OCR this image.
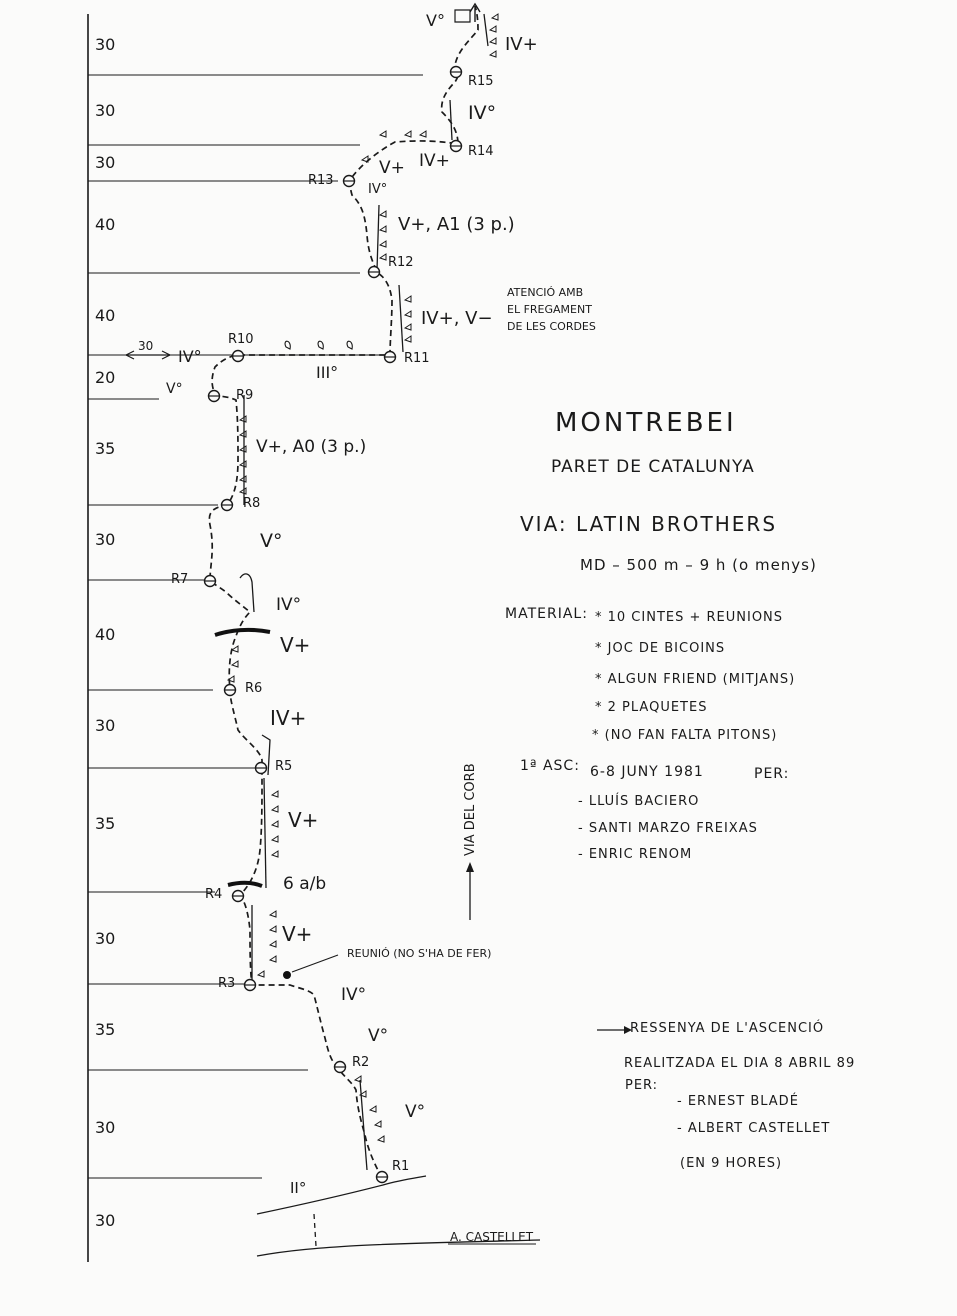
30
30
30
40
40
20
35
30
40
30
35
30
35
30
30
30
IV°
R1
R2
R3
R4
R5
R6
R7
R8
R9
R10
R11
R12
R13
R14
R15
II°
V°
V°
IV°
V+
6 a/b
V+
IV+
V+
IV°
V°
V+, A0 (3 p.)
V°
III°
IV+, V−
V+, A1 (3 p.)
IV°
V+ IV+
IV°
V°
IV+
ATENCIÓ AMB
EL FREGAMENT
DE LES CORDES
REUNIÓ (NO S'HA DE FER)
VIA DEL CORB
A. CASTELLET
MONTREBEI
PARET DE CATALUNYA
VIA: LATIN BROTHERS
MD – 500 m – 9 h (o menys)
MATERIAL: * 10 CINTES + REUNIONS
* JOC DE BICOINS
* ALGUN FRIEND (MITJANS)
* 2 PLAQUETES
* (NO FAN FALTA PITONS)
1ª ASC: 6-8 JUNY 1981	PER:
- LLUÍS BACIERO
- SANTI MARZO FREIXAS
- ENRIC RENOM
RESSENYA DE L'ASCENCIÓ
REALITZADA EL DIA 8 ABRIL 89
PER:
- ERNEST BLADÉ
- ALBERT CASTELLET
(EN 9 HORES)
